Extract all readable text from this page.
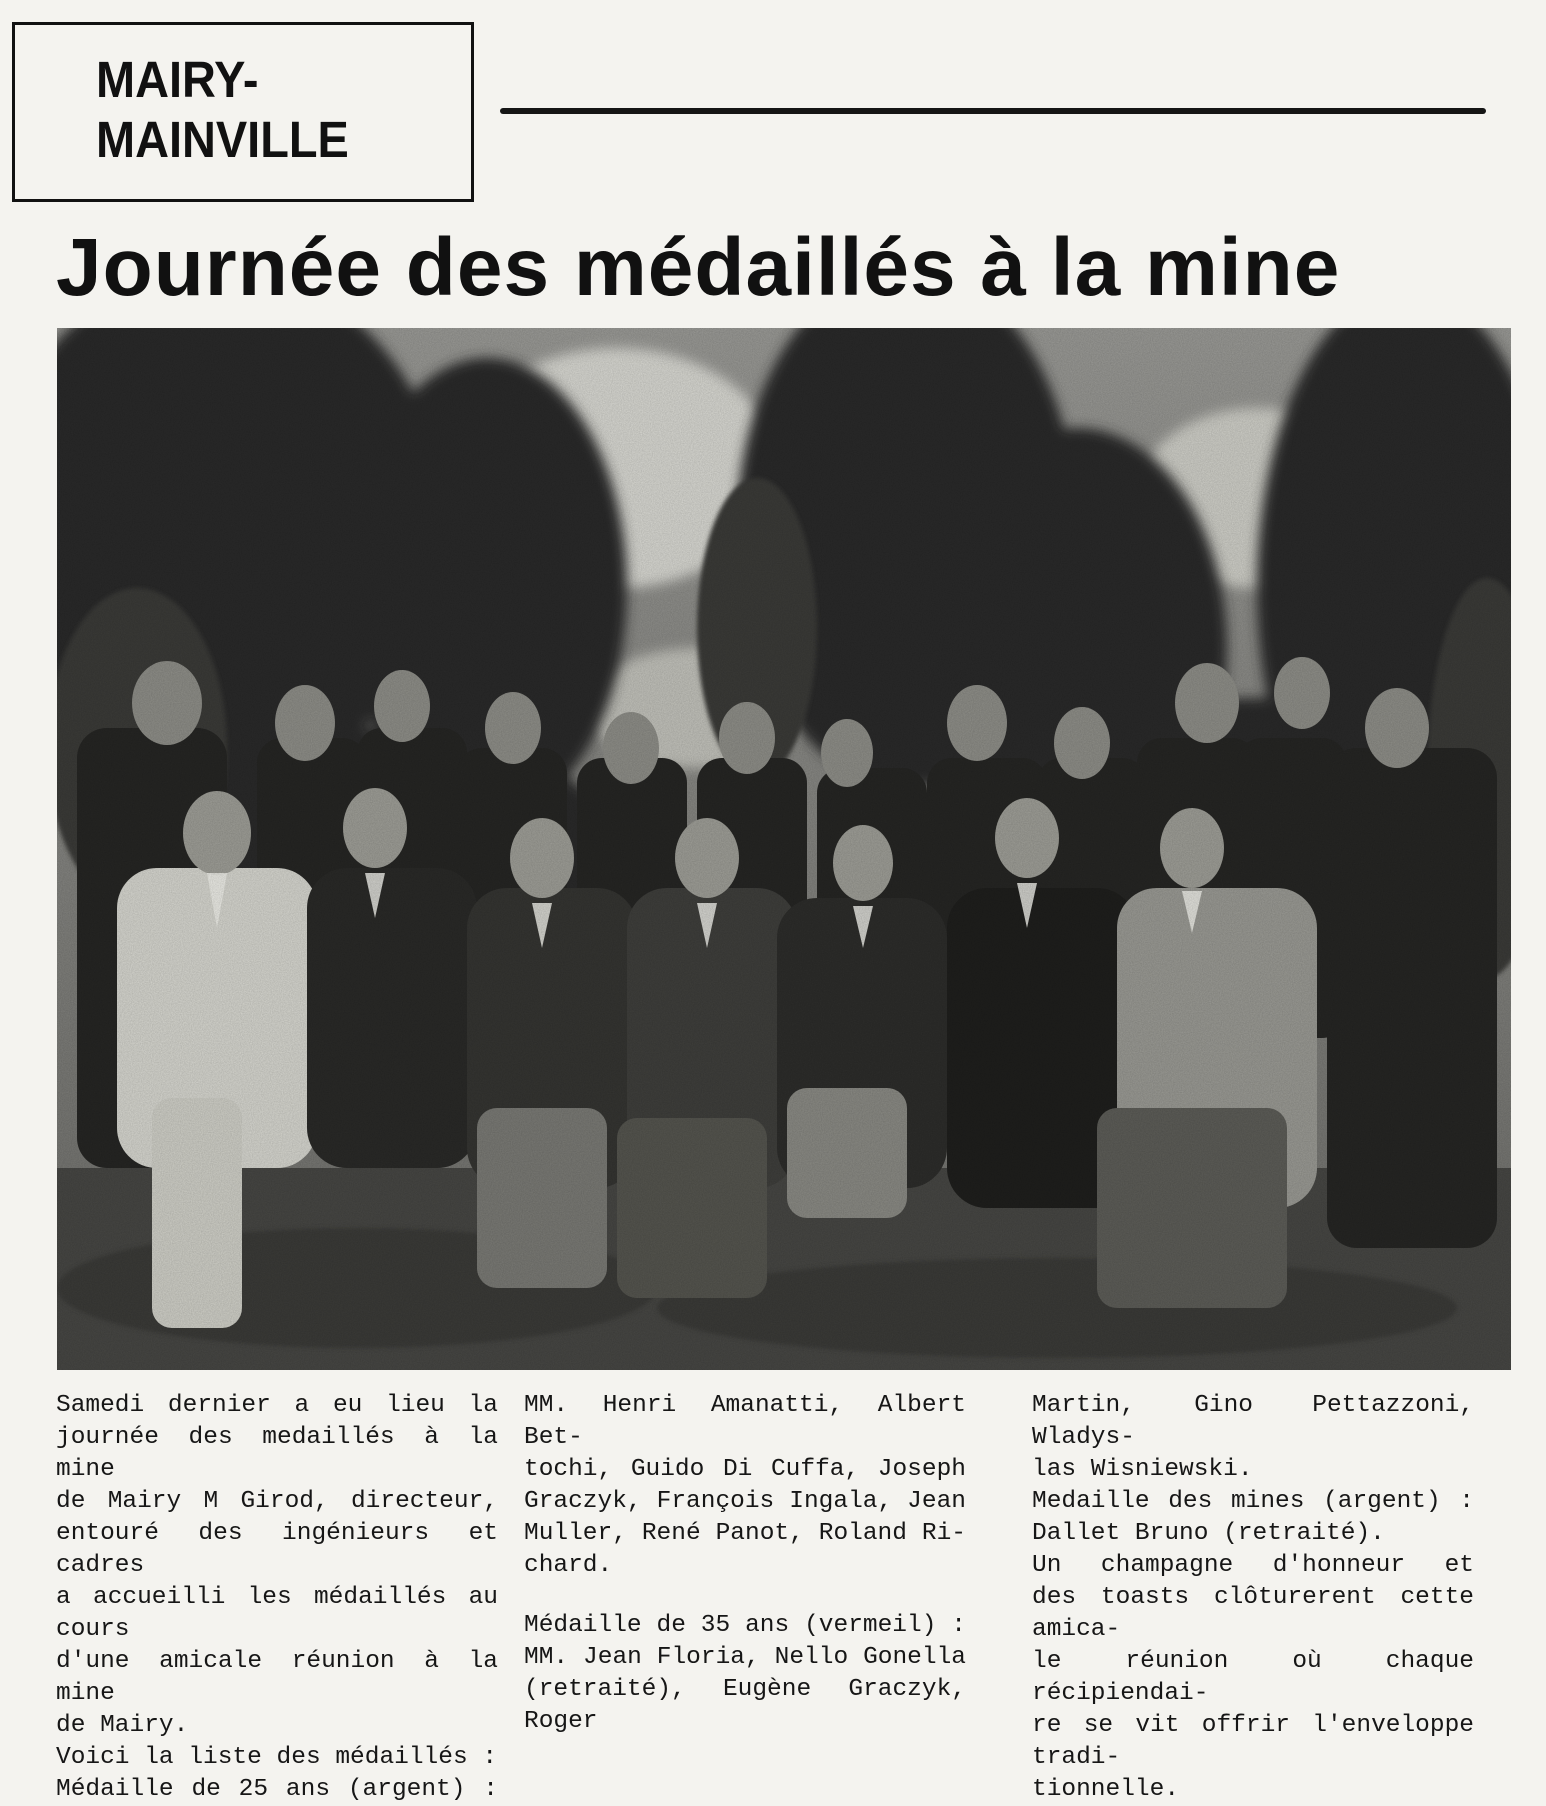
MAIRY-
MAINVILLE
Journée des médaillés à la mine

Samedi dernier a eu lieu la

journée des medaillés à la mine

de Mairy M Girod, directeur,

entouré des ingénieurs et cadres

a accueilli les médaillés au cours

d'une amicale réunion à la mine

de Mairy.

Voici la liste des médaillés :

Médaille de 25 ans (argent) :

MM. Henri Amanatti, Albert Bet-

tochi, Guido Di Cuffa, Joseph

Graczyk, François Ingala, Jean

Muller, René Panot, Roland Ri-

chard.

Médaille de 35 ans (vermeil) :

MM. Jean Floria, Nello Gonella

(retraité), Eugène Graczyk, Roger

Martin, Gino Pettazzoni, Wladys-

las Wisniewski.

Medaille des mines (argent) :

Dallet Bruno (retraité).

Un champagne d'honneur et

des toasts clôturerent cette amica-

le réunion où chaque récipiendai-

re se vit offrir l'enveloppe tradi-

tionnelle.
